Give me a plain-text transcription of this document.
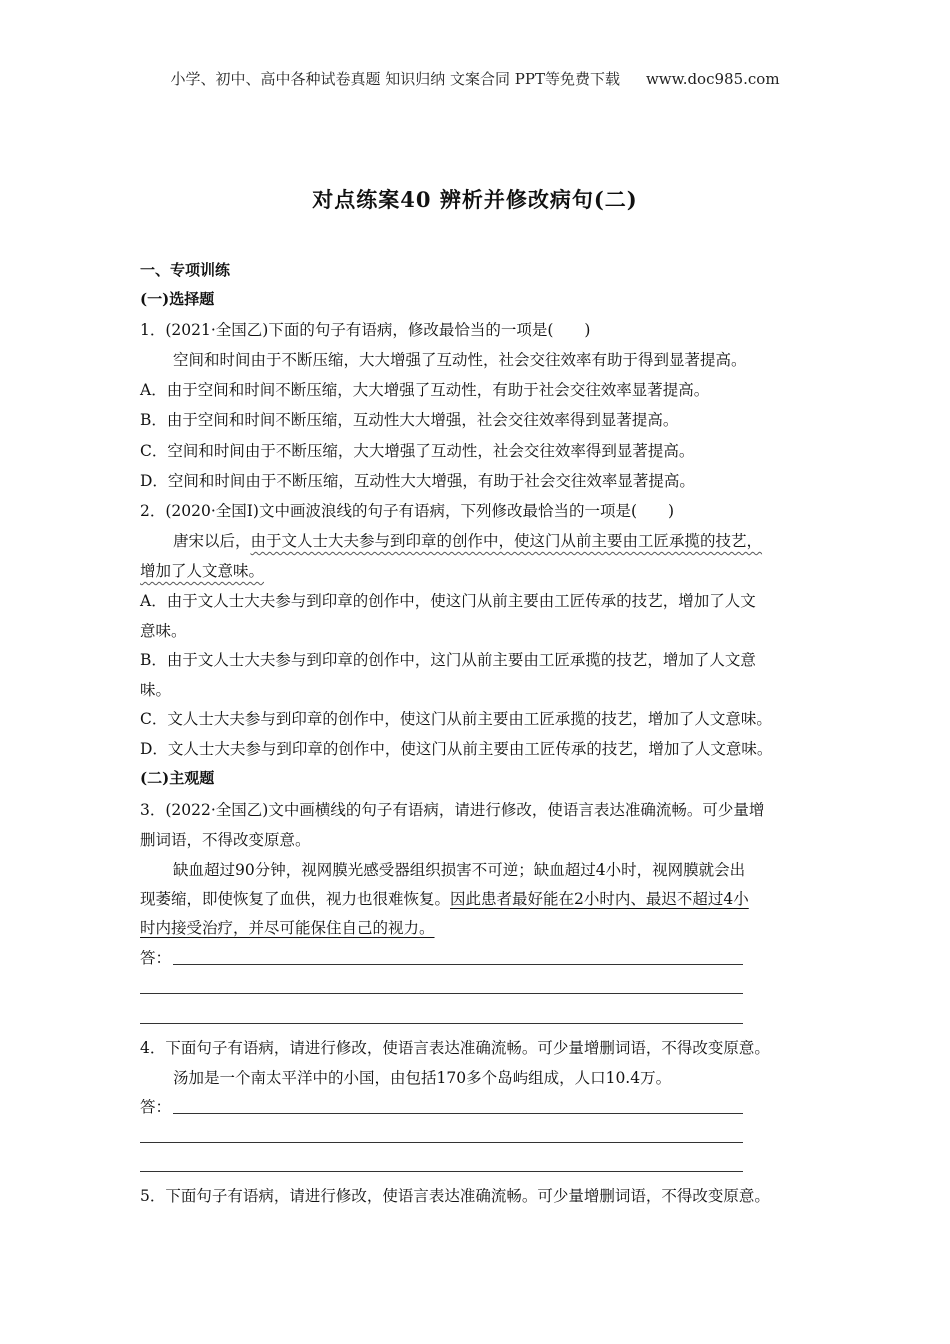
小学、初中、高中各种试卷真题 知识归纳 文案合同 PPT等免费下载 www.doc985.com
对点练案40 辨析并修改病句(二)
一、专项训练
(一)选择题
1．(2021·全国乙)下面的句子有语病，修改最恰当的一项是(　　)
空间和时间由于不断压缩，大大增强了互动性，社会交往效率有助于得到显著提高。
A．由于空间和时间不断压缩，大大增强了互动性，有助于社会交往效率显著提高。
B．由于空间和时间不断压缩，互动性大大增强，社会交往效率得到显著提高。
C．空间和时间由于不断压缩，大大增强了互动性，社会交往效率得到显著提高。
D．空间和时间由于不断压缩，互动性大大增强，有助于社会交往效率显著提高。
2．(2020·全国Ⅰ)文中画波浪线的句子有语病，下列修改最恰当的一项是(　　)
唐宋以后，由于文人士大夫参与到印章的创作中，使这门从前主要由工匠承揽的技艺，
增加了人文意味。
A．由于文人士大夫参与到印章的创作中，使这门从前主要由工匠传承的技艺，增加了人文
意味。
B．由于文人士大夫参与到印章的创作中，这门从前主要由工匠承揽的技艺，增加了人文意
味。
C．文人士大夫参与到印章的创作中，使这门从前主要由工匠承揽的技艺，增加了人文意味。
D．文人士大夫参与到印章的创作中，使这门从前主要由工匠传承的技艺，增加了人文意味。
(二)主观题
3．(2022·全国乙)文中画横线的句子有语病，请进行修改，使语言表达准确流畅。可少量增
删词语，不得改变原意。
缺血超过90分钟，视网膜光感受器组织损害不可逆；缺血超过4小时，视网膜就会出
现萎缩，即使恢复了血供，视力也很难恢复。因此患者最好能在2小时内、最迟不超过4小
时内接受治疗，并尽可能保住自己的视力。
答：
4．下面句子有语病，请进行修改，使语言表达准确流畅。可少量增删词语，不得改变原意。
汤加是一个南太平洋中的小国，由包括170多个岛屿组成，人口10.4万。
答：
5．下面句子有语病，请进行修改，使语言表达准确流畅。可少量增删词语，不得改变原意。
